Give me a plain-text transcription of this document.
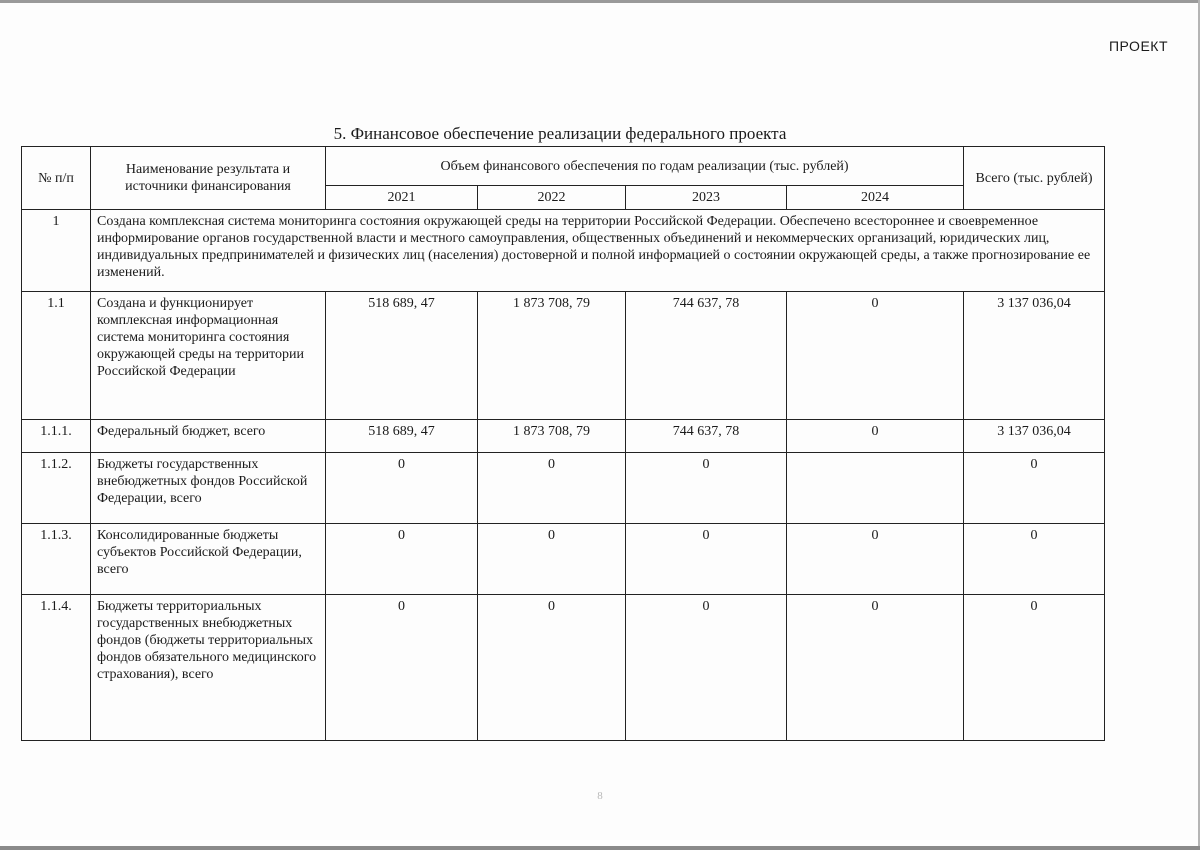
ПРОЕКТ
5. Финансовое обеспечение реализации федерального проекта
№ п/п	Наименование результата и источники финансирования	Объем финансового обеспечения по годам реализации (тыс. рублей)				Всего (тыс. рублей)
		2021	2022	2023	2024	
1	Создана комплексная система мониторинга состояния окружающей среды на территории Российской Федерации. Обеспечено всестороннее и своевременное информирование органов государственной власти и местного самоуправления, общественных объединений и некоммерческих организаций, юридических лиц, индивидуальных предпринимателей и физических лиц (населения) достоверной и полной информацией о состоянии окружающей среды, а также прогнозирование ее изменений.					
1.1	Создана и функционирует комплексная информационная система мониторинга состояния окружающей среды на территории Российской Федерации	518 689, 47	1 873 708, 79	744 637, 78	0	3 137 036,04
1.1.1.	Федеральный бюджет, всего	518 689, 47	1 873 708, 79	744 637, 78	0	3 137 036,04
1.1.2.	Бюджеты государственных внебюджетных фондов Российской Федерации, всего	0	0	0		0
1.1.3.	Консолидированные бюджеты субъектов Российской Федерации, всего	0	0	0	0	0
1.1.4.	Бюджеты территориальных государственных внебюджетных фондов (бюджеты территориальных фондов обязательного медицинского страхования), всего	0	0	0	0	0
8
